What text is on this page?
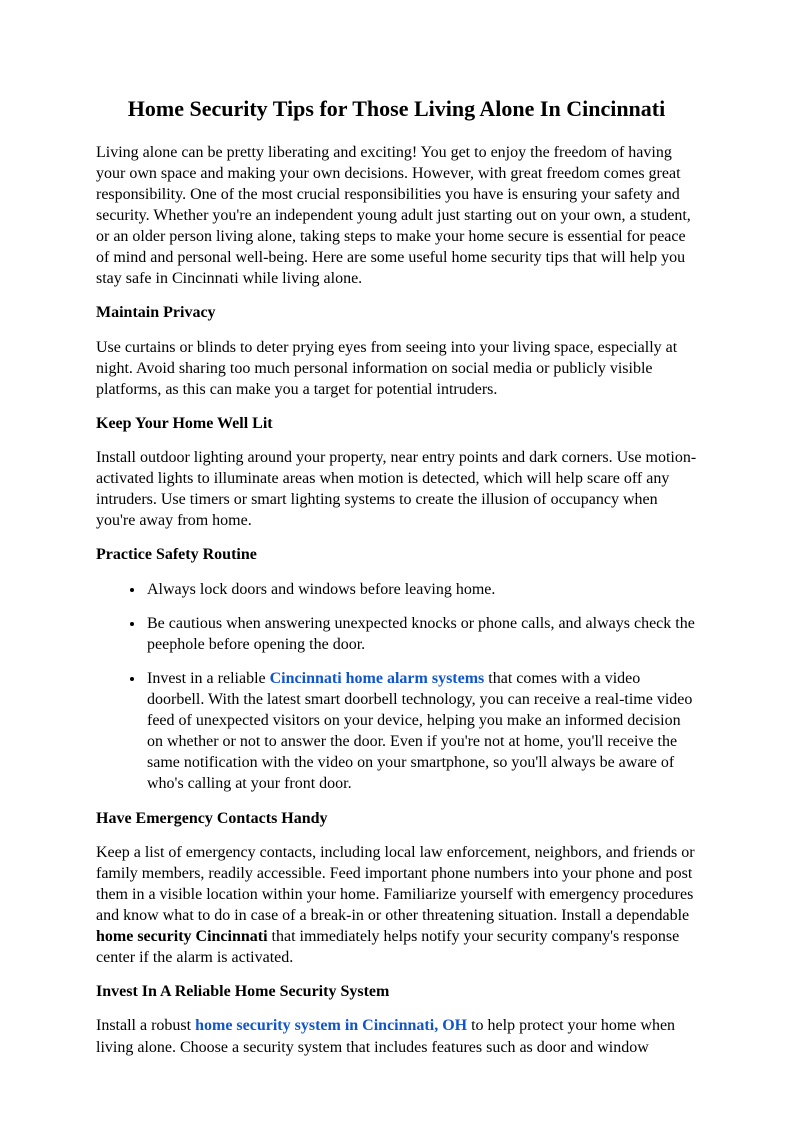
Home Security Tips for Those Living Alone In Cincinnati

Living alone can be pretty liberating and exciting! You get to enjoy the freedom of having your own space and making your own decisions. However, with great freedom comes great responsibility. One of the most crucial responsibilities you have is ensuring your safety and security. Whether you're an independent young adult just starting out on your own, a student, or an older person living alone, taking steps to make your home secure is essential for peace of mind and personal well-being. Here are some useful home security tips that will help you stay safe in Cincinnati while living alone.

Maintain Privacy

Use curtains or blinds to deter prying eyes from seeing into your living space, especially at night. Avoid sharing too much personal information on social media or publicly visible platforms, as this can make you a target for potential intruders.

Keep Your Home Well Lit

Install outdoor lighting around your property, near entry points and dark corners. Use motion-activated lights to illuminate areas when motion is detected, which will help scare off any intruders. Use timers or smart lighting systems to create the illusion of occupancy when you're away from home.

Practice Safety Routine
• Always lock doors and windows before leaving home.
• Be cautious when answering unexpected knocks or phone calls, and always check the peephole before opening the door.
• Invest in a reliable Cincinnati home alarm systems that comes with a video doorbell. With the latest smart doorbell technology, you can receive a real-time video feed of unexpected visitors on your device, helping you make an informed decision on whether or not to answer the door. Even if you're not at home, you'll receive the same notification with the video on your smartphone, so you'll always be aware of who's calling at your front door.
Have Emergency Contacts Handy

Keep a list of emergency contacts, including local law enforcement, neighbors, and friends or family members, readily accessible. Feed important phone numbers into your phone and post them in a visible location within your home. Familiarize yourself with emergency procedures and know what to do in case of a break-in or other threatening situation. Install a dependable home security Cincinnati that immediately helps notify your security company's response center if the alarm is activated.

Invest In A Reliable Home Security System

Install a robust home security system in Cincinnati, OH to help protect your home when living alone. Choose a security system that includes features such as door and window
